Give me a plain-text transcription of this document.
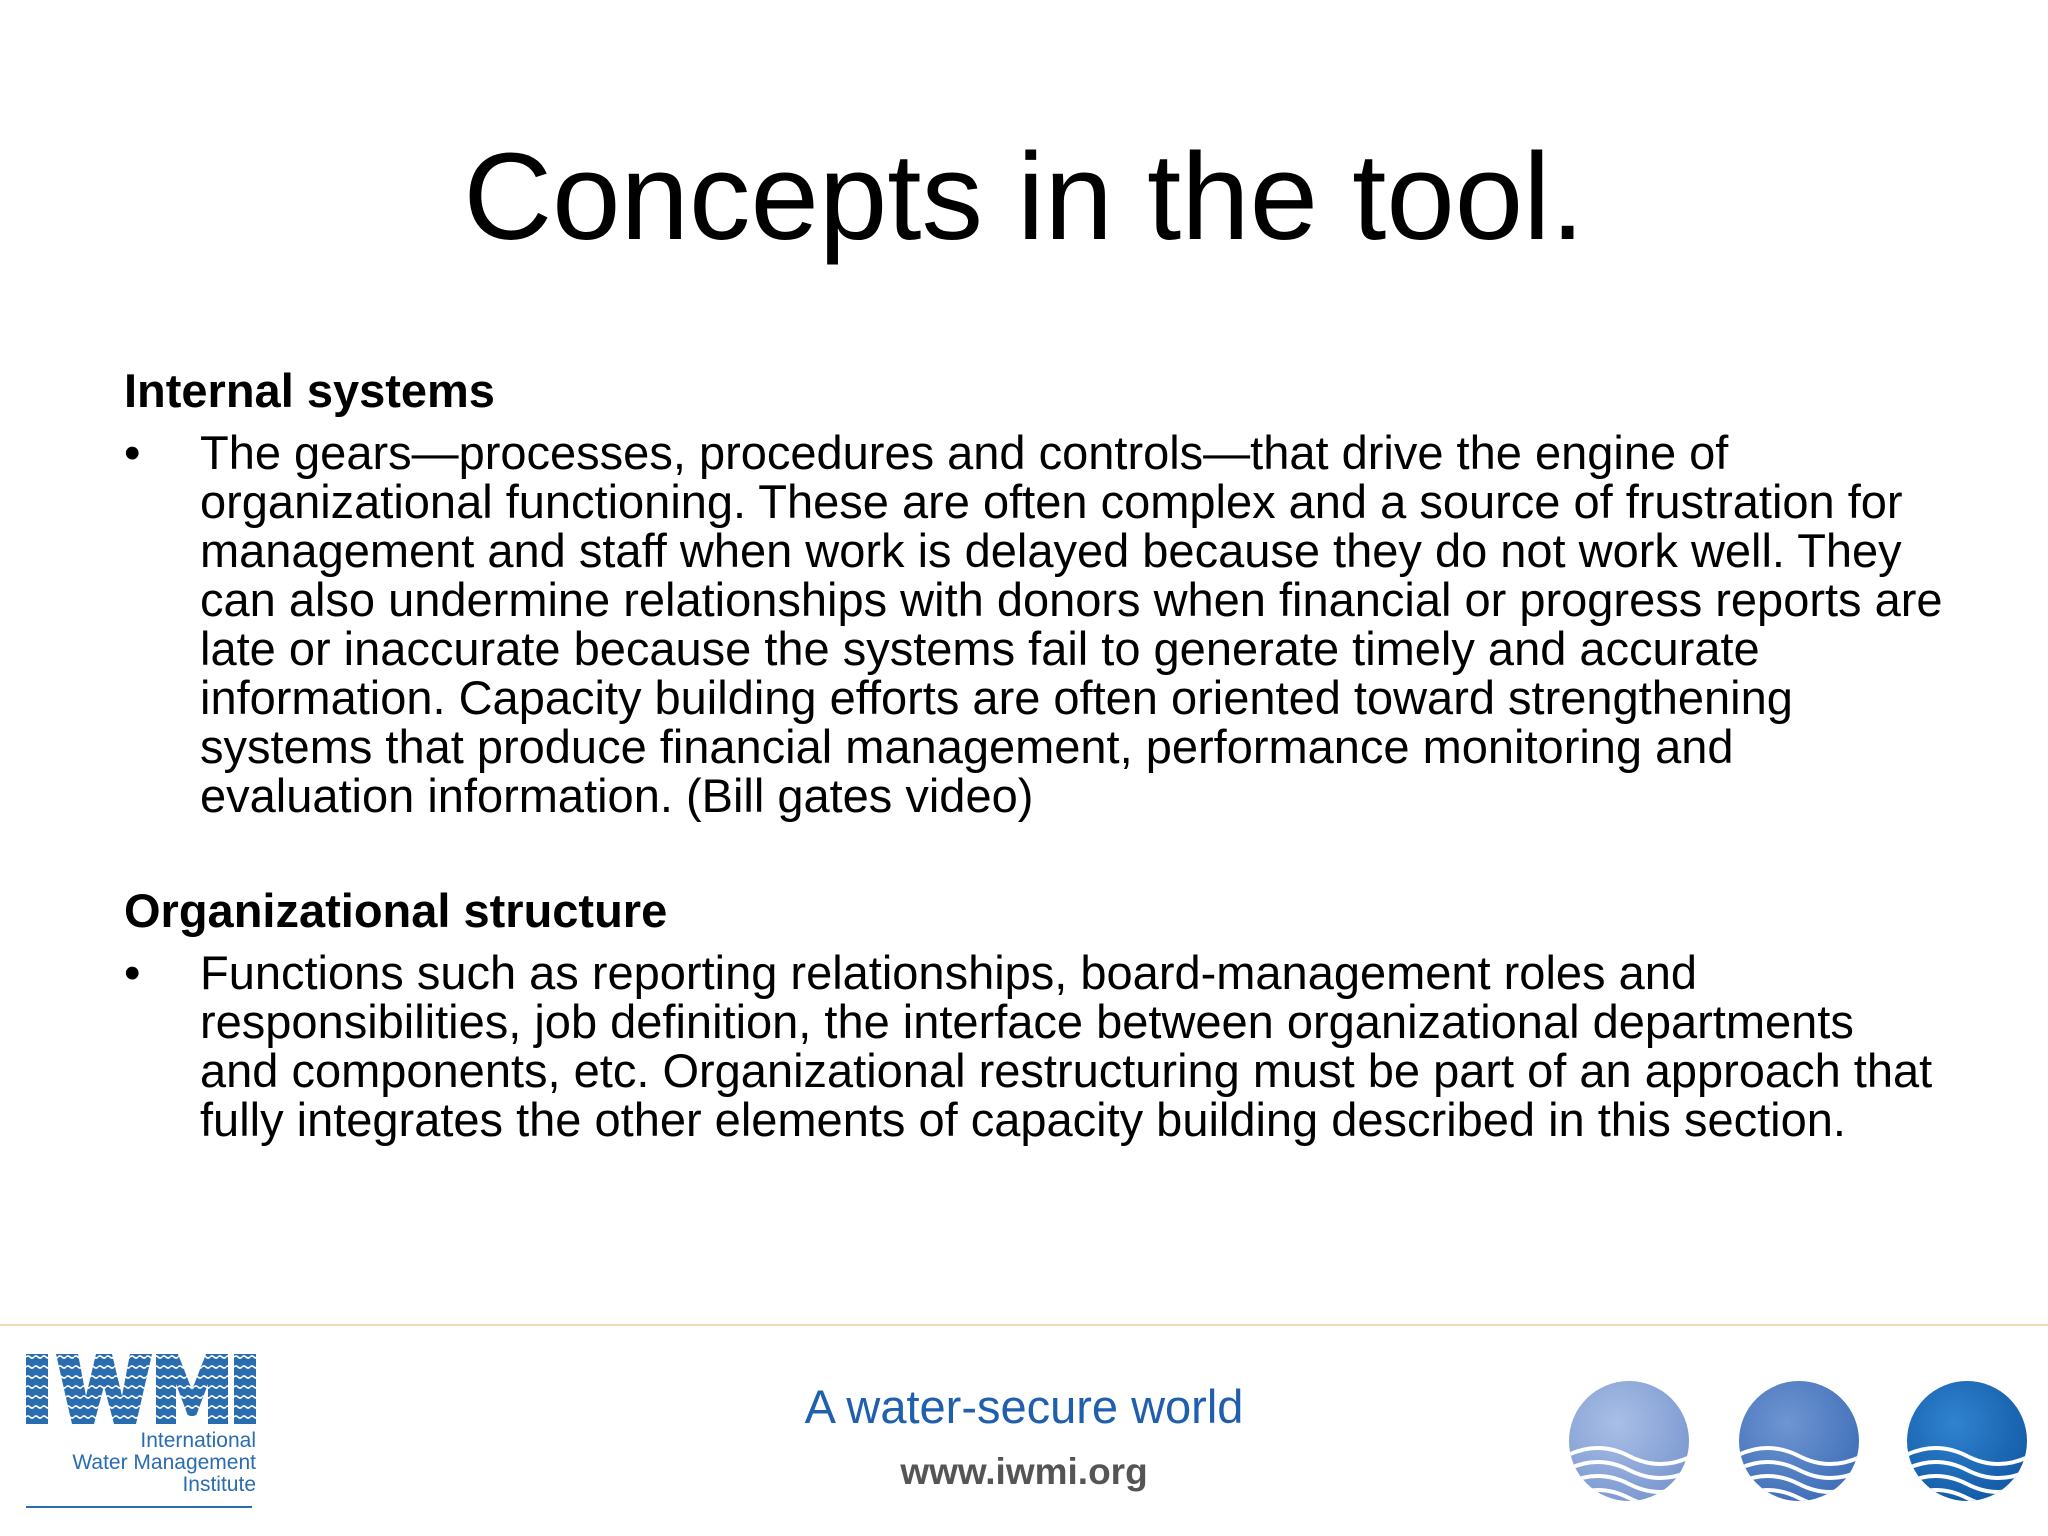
Concepts in the tool.

Internal systems

• The gears—processes, procedures and controls—that drive the engine of organizational functioning. These are often complex and a source of frustration for management and staff when work is delayed because they do not work well. They can also undermine relationships with donors when financial or progress reports are late or inaccurate because the systems fail to generate timely and accurate information. Capacity building efforts are often oriented toward strengthening systems that produce financial management, performance monitoring and evaluation information. (Bill gates video)

Organizational structure

• Functions such as reporting relationships, board-management roles and responsibilities, job definition, the interface between organizational departments and components, etc. Organizational restructuring must be part of an approach that fully integrates the other elements of capacity building described in this section.
International
Water Management
Institute
A water-secure world
www.iwmi.org
